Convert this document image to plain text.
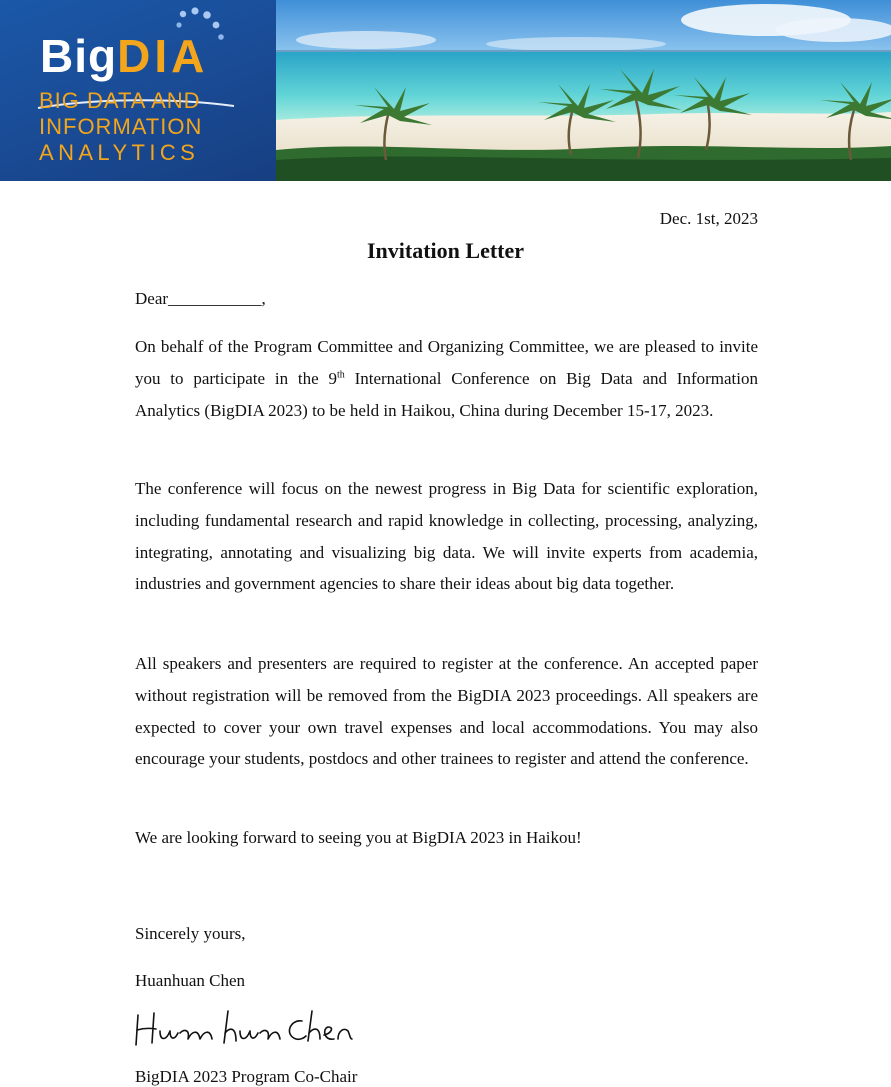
BigDIA
BIG DATA AND
INFORMATION
ANALYTICS
Dec. 1st, 2023
Invitation Letter
Dear___________,

On behalf of the Program Committee and Organizing Committee, we are pleased to invite you to participate in the 9th International Conference on Big Data and Information Analytics (BigDIA 2023) to be held in Haikou, China during December 15-17, 2023.

The conference will focus on the newest progress in Big Data for scientific exploration, including fundamental research and rapid knowledge in collecting, processing, analyzing, integrating, annotating and visualizing big data. We will invite experts from academia, industries and government agencies to share their ideas about big data together.

All speakers and presenters are required to register at the conference. An accepted paper without registration will be removed from the BigDIA 2023 proceedings. All speakers are expected to cover your own travel expenses and local accommodations. You may also encourage your students, postdocs and other trainees to register and attend the conference.

We are looking forward to seeing you at BigDIA 2023 in Haikou!
Sincerely yours,
Huanhuan Chen
BigDIA 2023 Program Co-Chair
